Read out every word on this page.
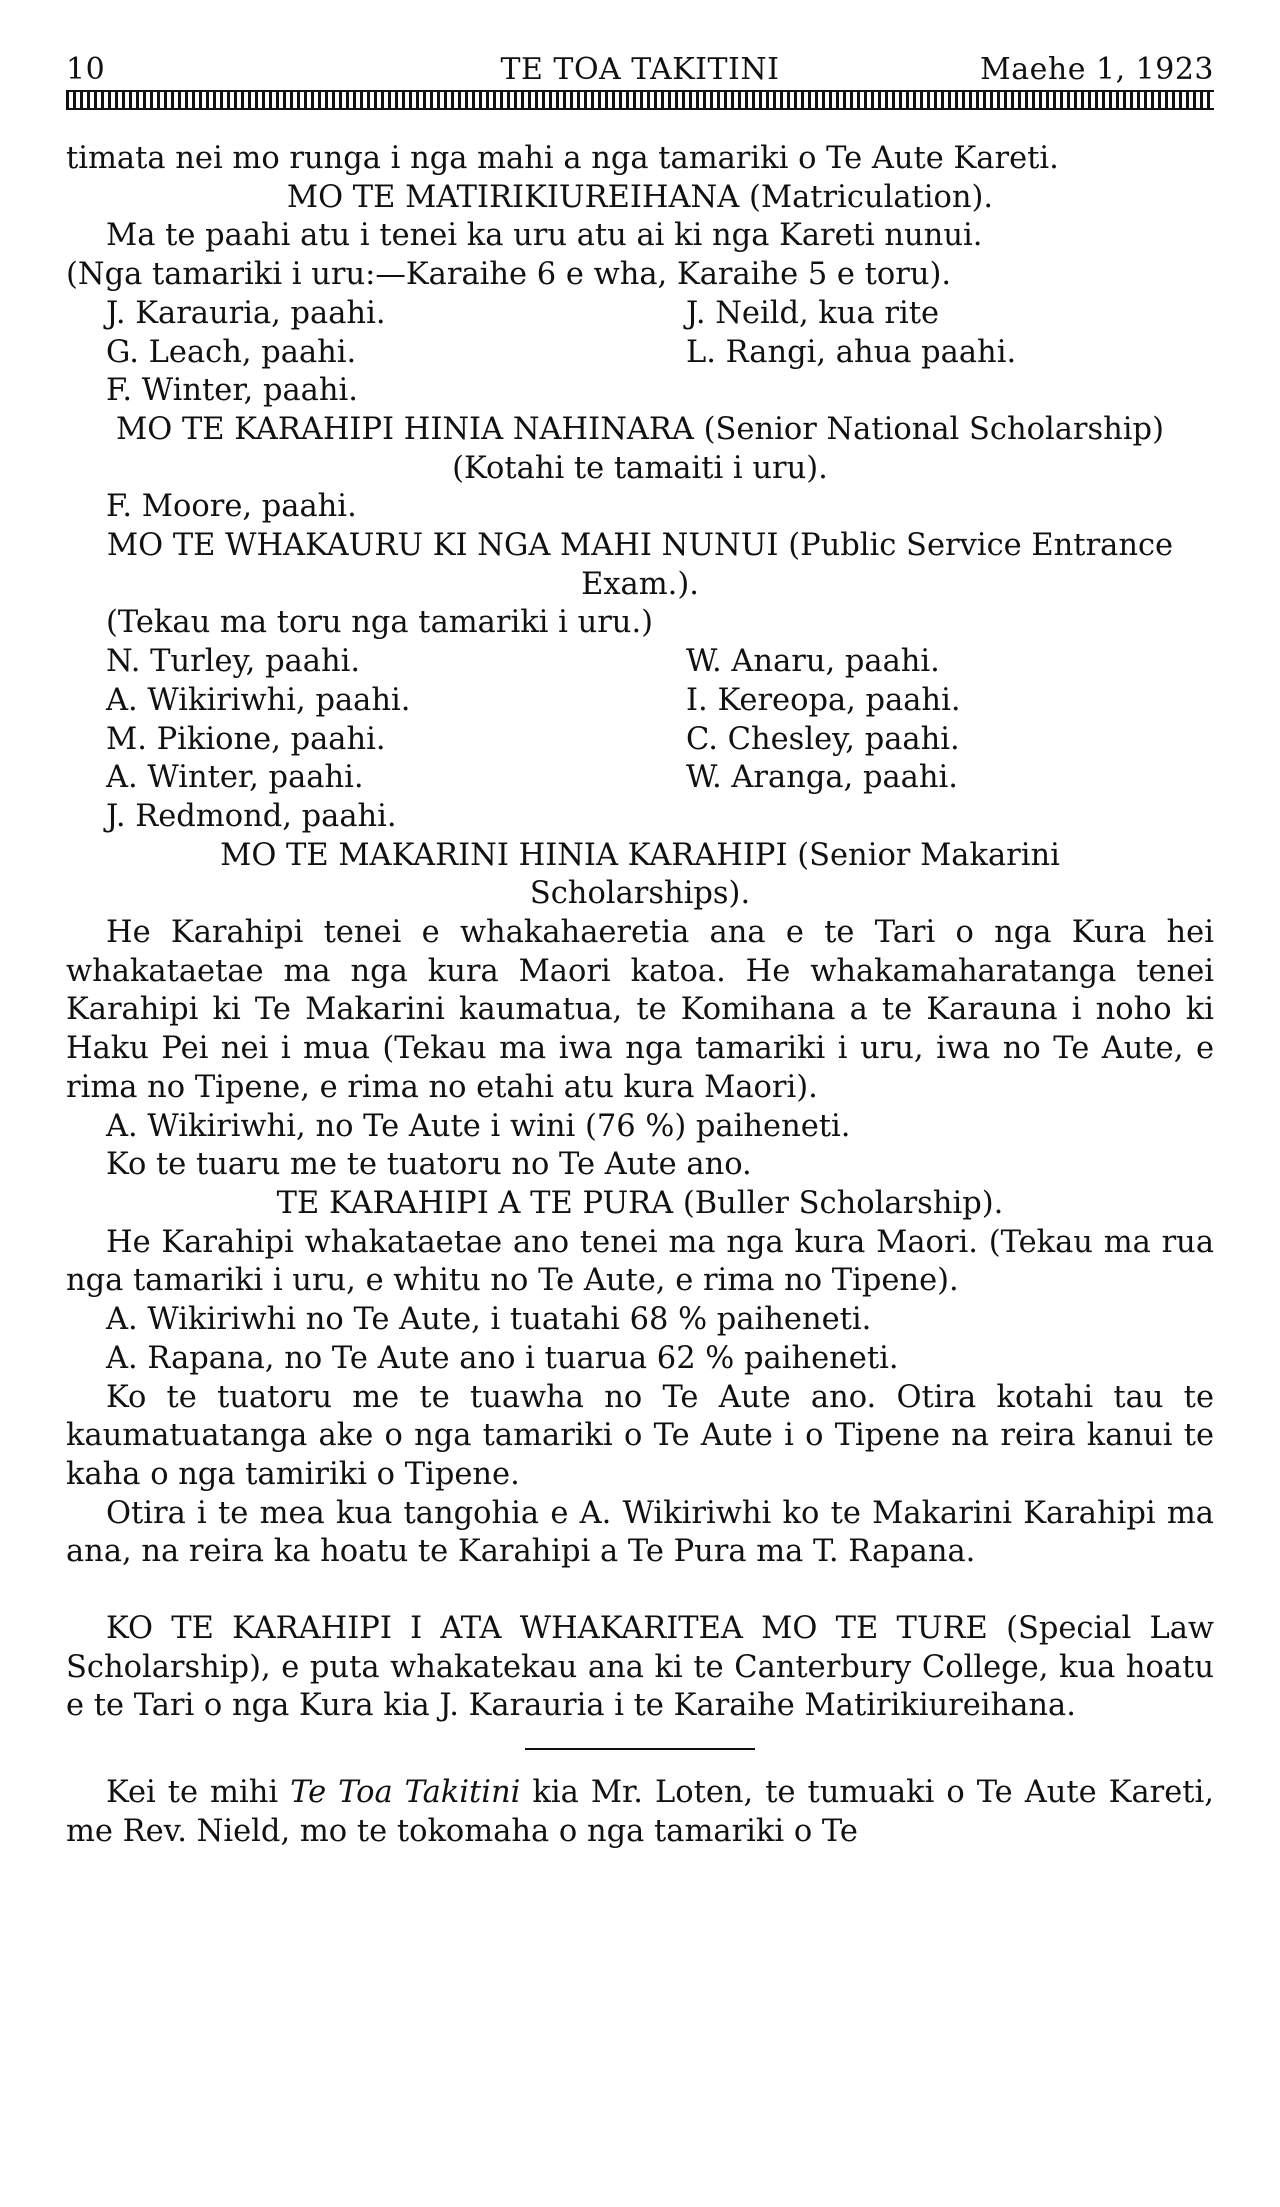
10	TE TOA TAKITINI	Maehe 1, 1923

timata nei mo runga i nga mahi a nga tamariki o Te Aute Kareti.

MO TE MATIRIKIUREIHANA (Matriculation).

Ma te paahi atu i tenei ka uru atu ai ki nga Kareti nunui.

(Nga tamariki i uru:—Karaihe 6 e wha, Karaihe 5 e toru).

J. Karauria, paahi.	J. Neild, kua rite
G. Leach, paahi.	L. Rangi, ahua paahi.

F. Winter, paahi.

MO TE KARAHIPI HINIA NAHINARA (Senior National Scholarship) (Kotahi te tamaiti i uru).

F. Moore, paahi.

MO TE WHAKAURU KI NGA MAHI NUNUI (Public Service Entrance Exam.).

(Tekau ma toru nga tamariki i uru.)

N. Turley, paahi.	W. Anaru, paahi.
A. Wikiriwhi, paahi.	I. Kereopa, paahi.
M. Pikione, paahi.	C. Chesley, paahi.
A. Winter, paahi.	W. Aranga, paahi.

J. Redmond, paahi.

MO TE MAKARINI HINIA KARAHIPI (Senior Makarini Scholarships).

He Karahipi tenei e whakahaeretia ana e te Tari o nga Kura hei whakataetae ma nga kura Maori katoa. He whakamaharatanga tenei Karahipi ki Te Makarini kaumatua, te Komihana a te Karauna i noho ki Haku Pei nei i mua (Tekau ma iwa nga tamariki i uru, iwa no Te Aute, e rima no Tipene, e rima no etahi atu kura Maori).

A. Wikiriwhi, no Te Aute i wini (76 %) paiheneti.

Ko te tuaru me te tuatoru no Te Aute ano.

TE KARAHIPI A TE PURA (Buller Scholarship).

He Karahipi whakataetae ano tenei ma nga kura Maori. (Tekau ma rua nga tamariki i uru, e whitu no Te Aute, e rima no Tipene).

A. Wikiriwhi no Te Aute, i tuatahi 68 % paiheneti.

A. Rapana, no Te Aute ano i tuarua 62 % paiheneti.

Ko te tuatoru me te tuawha no Te Aute ano. Otira kotahi tau te kaumatuatanga ake o nga tamariki o Te Aute i o Tipene na reira kanui te kaha o nga tamiriki o Tipene.

Otira i te mea kua tangohia e A. Wikiriwhi ko te Makarini Karahipi ma ana, na reira ka hoatu te Karahipi a Te Pura ma T. Rapana.

KO TE KARAHIPI I ATA WHAKARITEA MO TE TURE (Special Law Scholarship), e puta whakatekau ana ki te Canterbury College, kua hoatu e te Tari o nga Kura kia J. Karauria i te Karaihe Matirikiureihana.

Kei te mihi Te Toa Takitini kia Mr. Loten, te tumuaki o Te Aute Kareti, me Rev. Nield, mo te tokomaha o nga tamariki o Te
